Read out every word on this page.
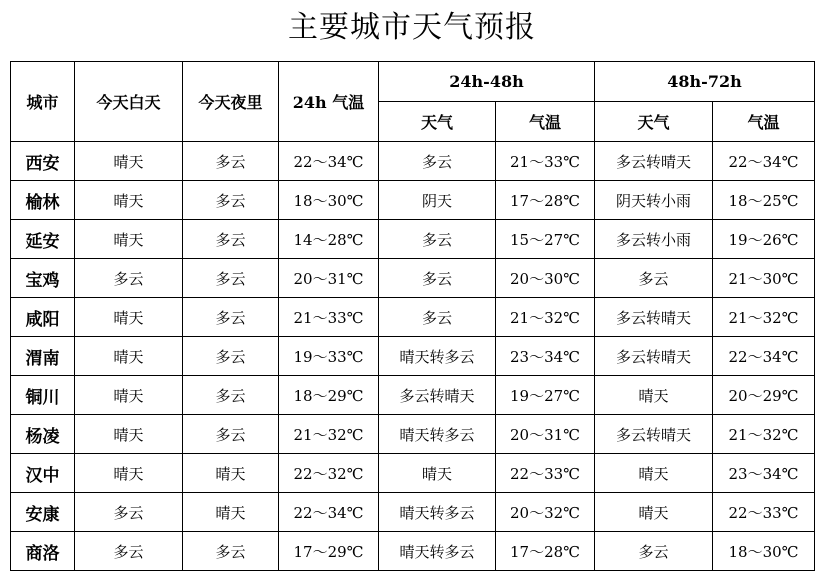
主要城市天气预报
城市	今天白天	今天夜里	24h 气温	24h-48h		48h-72h	
				天气	气温	天气	气温
西安	晴天	多云	22～34℃	多云	21～33℃	多云转晴天	22～34℃
榆林	晴天	多云	18～30℃	阴天	17～28℃	阴天转小雨	18～25℃
延安	晴天	多云	14～28℃	多云	15～27℃	多云转小雨	19～26℃
宝鸡	多云	多云	20～31℃	多云	20～30℃	多云	21～30℃
咸阳	晴天	多云	21～33℃	多云	21～32℃	多云转晴天	21～32℃
渭南	晴天	多云	19～33℃	晴天转多云	23～34℃	多云转晴天	22～34℃
铜川	晴天	多云	18～29℃	多云转晴天	19～27℃	晴天	20～29℃
杨凌	晴天	多云	21～32℃	晴天转多云	20～31℃	多云转晴天	21～32℃
汉中	晴天	晴天	22～32℃	晴天	22～33℃	晴天	23～34℃
安康	多云	晴天	22～34℃	晴天转多云	20～32℃	晴天	22～33℃
商洛	多云	多云	17～29℃	晴天转多云	17～28℃	多云	18～30℃
